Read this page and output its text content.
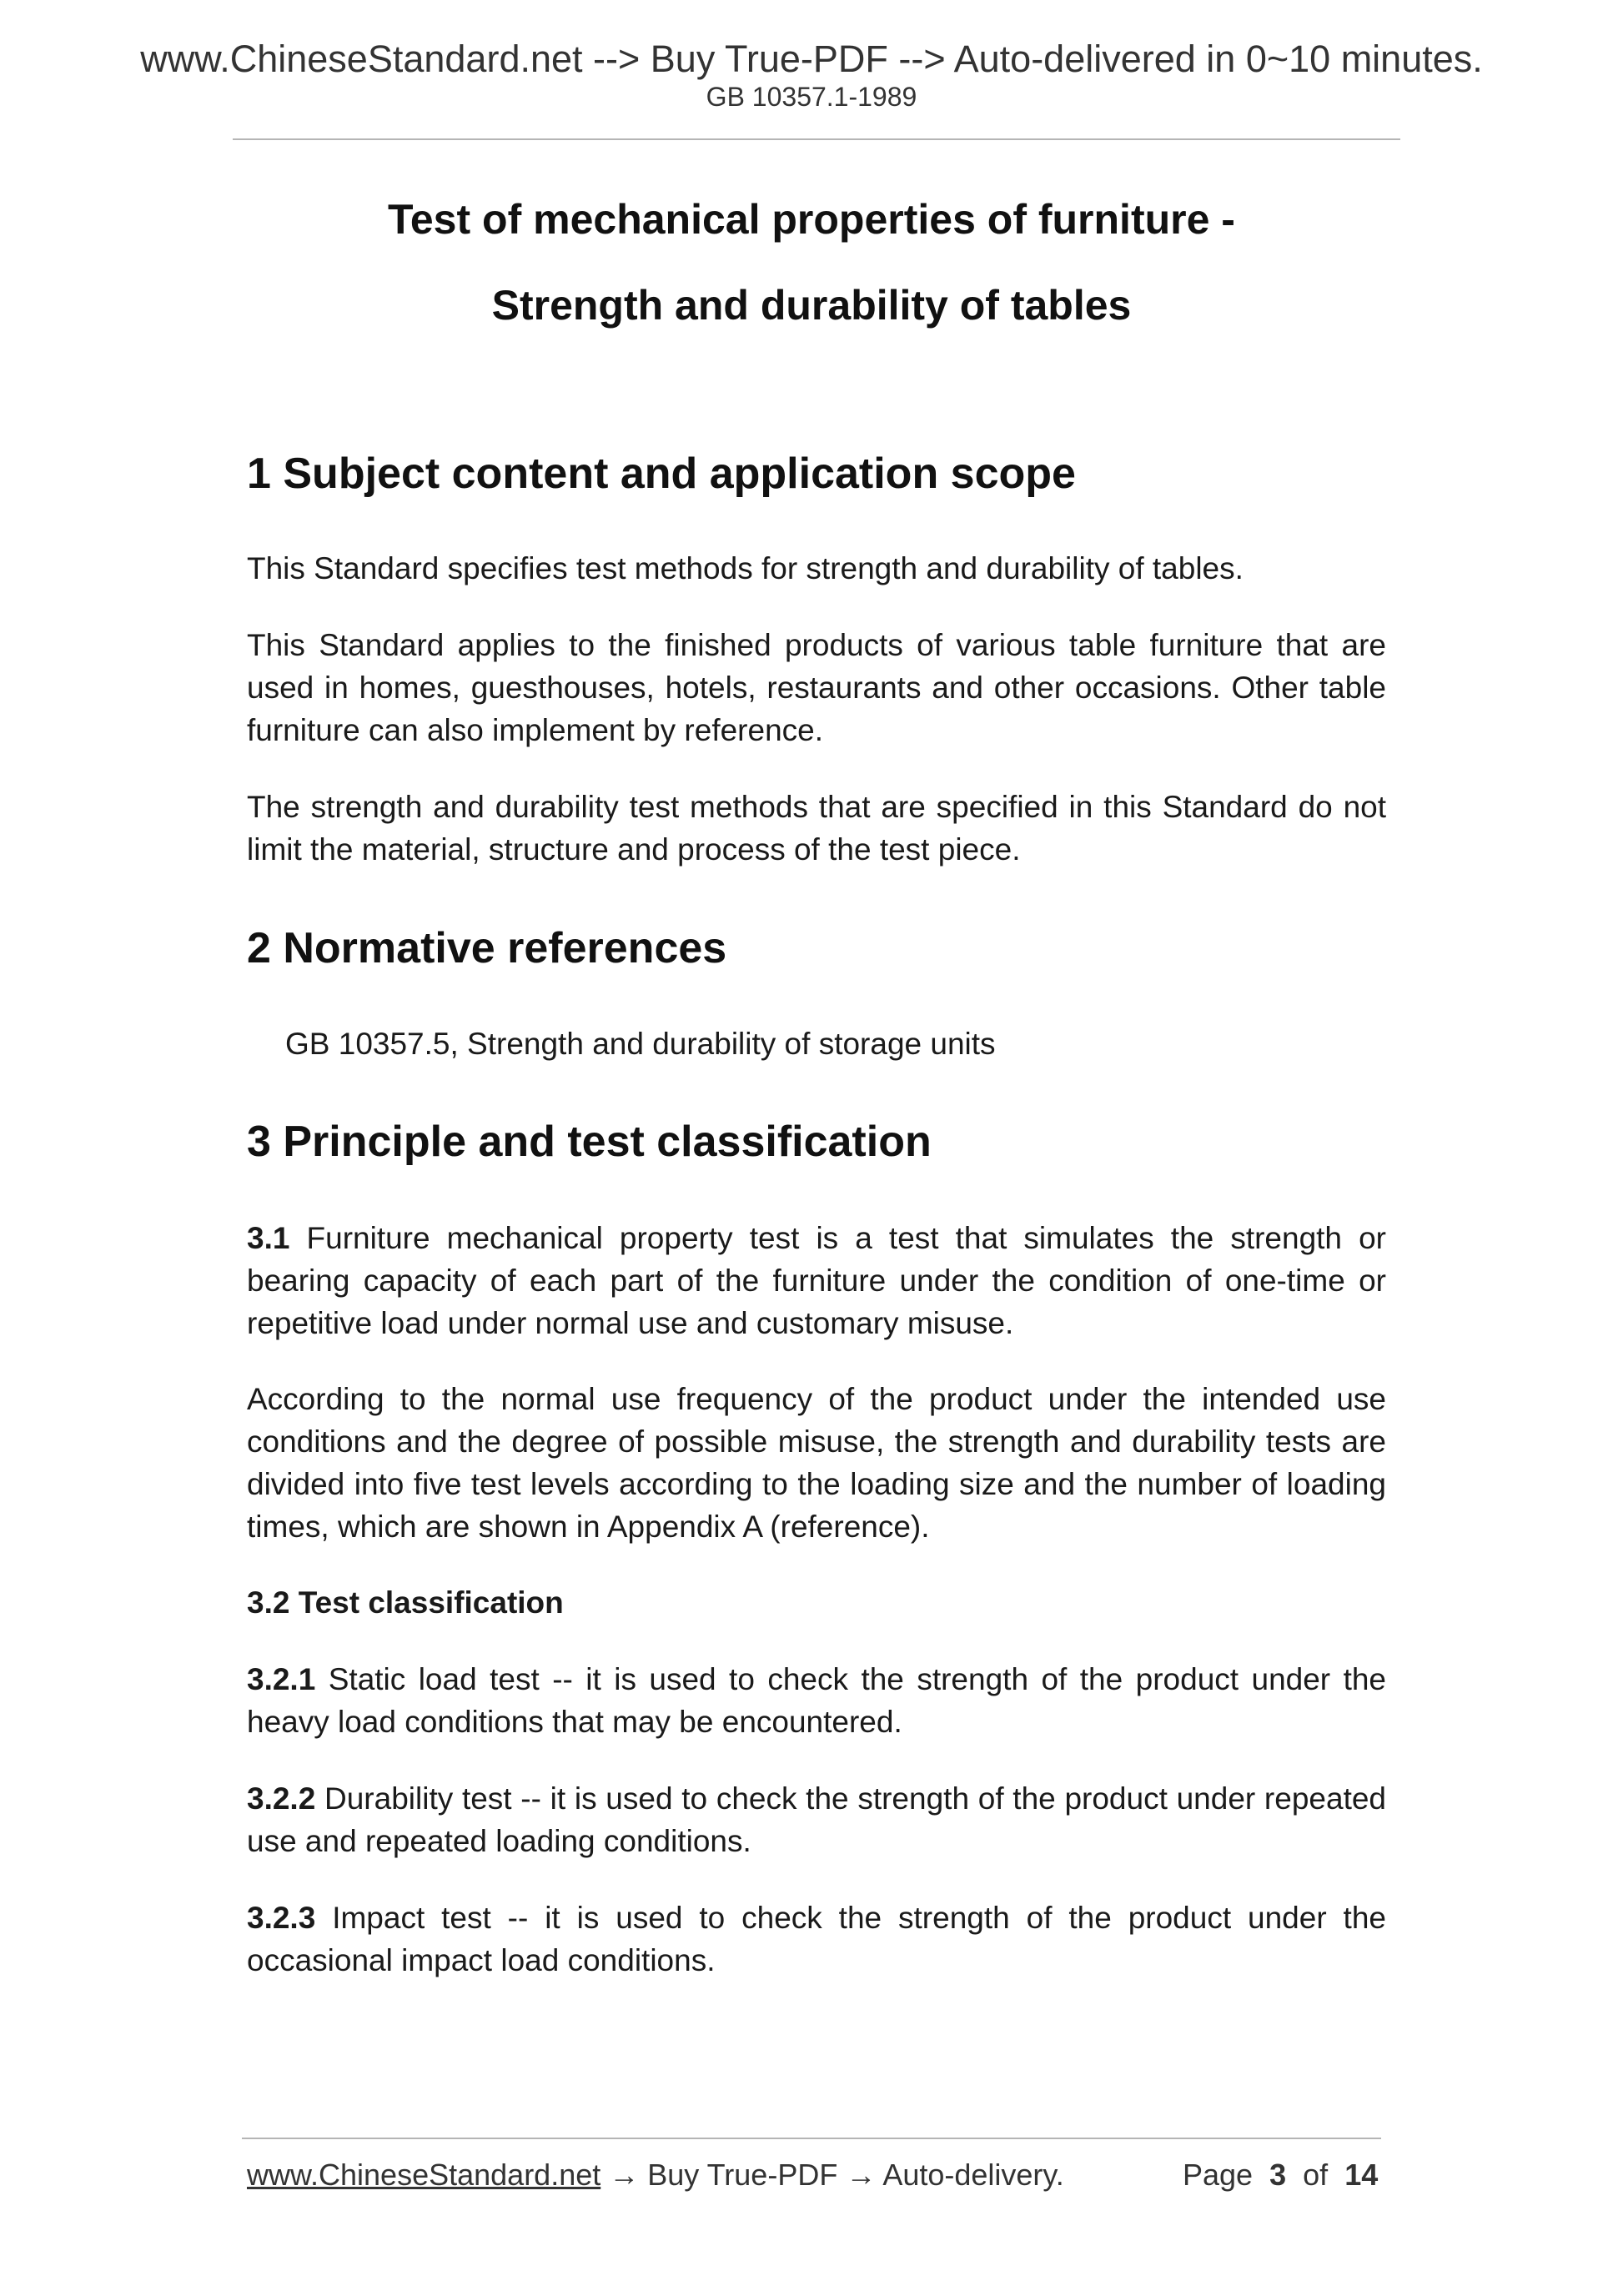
www.ChineseStandard.net --> Buy True-PDF --> Auto-delivered in 0~10 minutes.
GB 10357.1-1989
Test of mechanical properties of furniture -
Strength and durability of tables
1 Subject content and application scope

This Standard specifies test methods for strength and durability of tables.

This Standard applies to the finished products of various table furniture that are used in homes, guesthouses, hotels, restaurants and other occasions. Other table furniture can also implement by reference.

The strength and durability test methods that are specified in this Standard do not limit the material, structure and process of the test piece.

2 Normative references

GB 10357.5, Strength and durability of storage units

3 Principle and test classification

3.1 Furniture mechanical property test is a test that simulates the strength or bearing capacity of each part of the furniture under the condition of one-time or repetitive load under normal use and customary misuse.

According to the normal use frequency of the product under the intended use conditions and the degree of possible misuse, the strength and durability tests are divided into five test levels according to the loading size and the number of loading times, which are shown in Appendix A (reference).

3.2 Test classification

3.2.1 Static load test -- it is used to check the strength of the product under the heavy load conditions that may be encountered.

3.2.2 Durability test -- it is used to check the strength of the product under repeated use and repeated loading conditions.

3.2.3 Impact test -- it is used to check the strength of the product under the occasional impact load conditions.

www.ChineseStandard.net → Buy True-PDF → Auto-delivery.	Page 3 of 14
